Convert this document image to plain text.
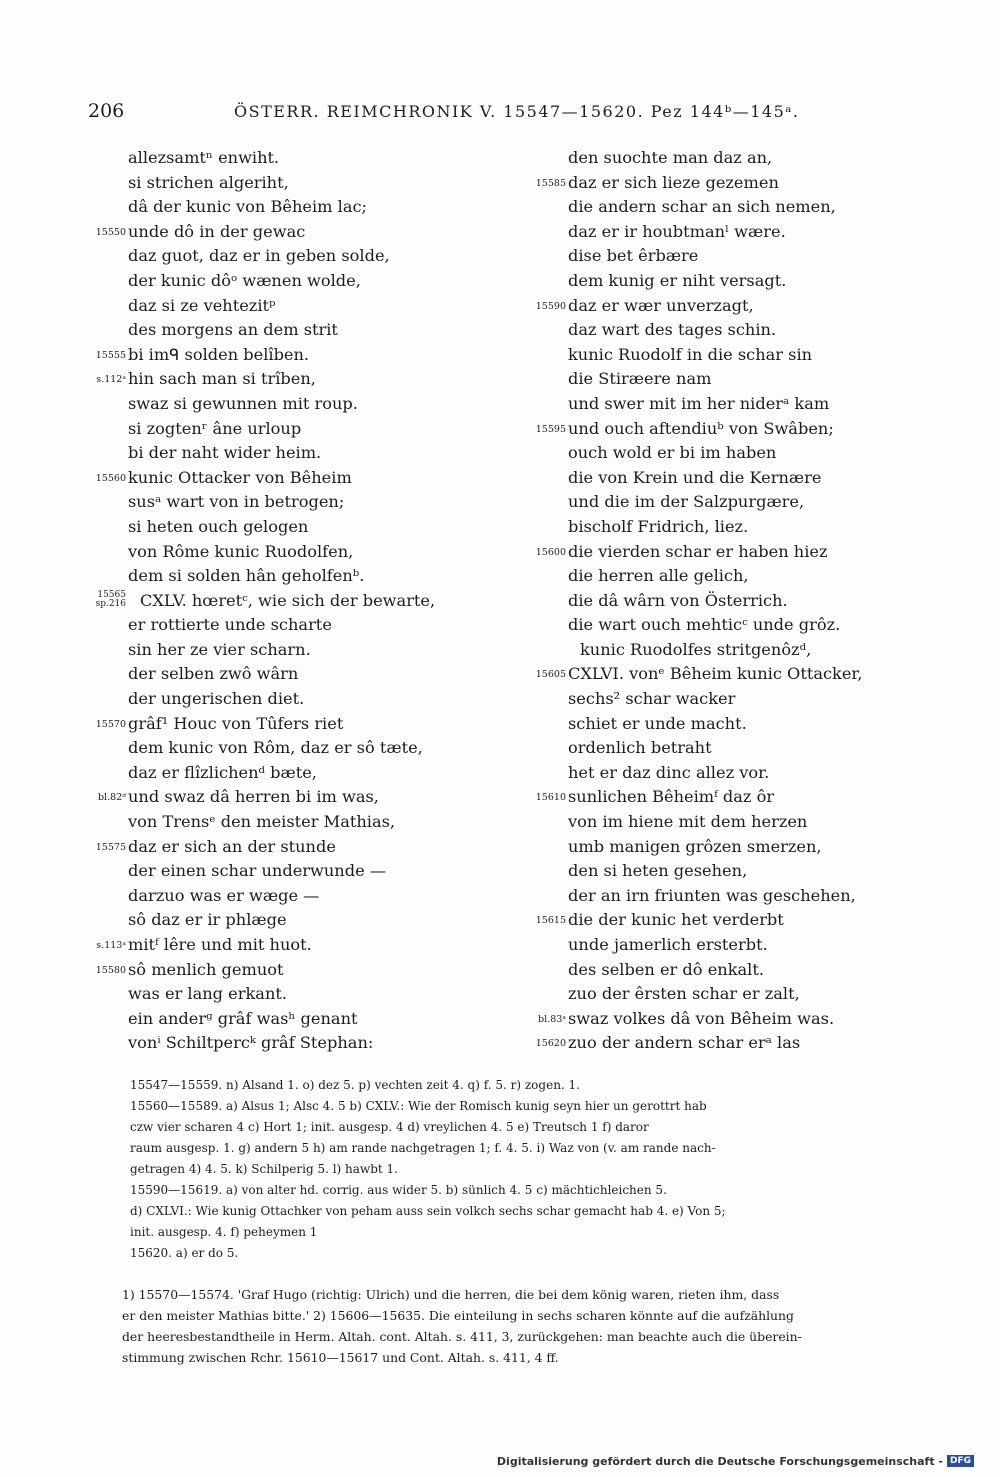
206	ÖSTERR. REIMCHRONIK V. 15547—15620. Pez 144ᵇ—145ᵃ.
allezsamtⁿ enwiht.
si strichen algeriht,
dâ der kunic von Bêheim lac;
15550 unde dô in der gewac
daz guot, daz er in geben solde,
der kunic dôᵒ wænen wolde,
daz si ze vehtezitᵖ
des morgens an dem strit
15555 bi imᑫ solden belîben.
s.112ᵃ hin sach man si trîben,
swaz si gewunnen mit roup.
si zogtenʳ âne urloup
bi der naht wider heim.
15560 kunic Ottacker von Bêheim
susᵃ wart von in betrogen;
si heten ouch gelogen
von Rôme kunic Ruodolfen,
dem si solden hân geholfenᵇ.
15565
sp.216 CXLV. hœretᶜ, wie sich der bewarte,
er rottierte unde scharte
sin her ze vier scharn.
der selben zwô wârn
der ungerischen diet.
15570 grâf¹ Houc von Tûfers riet
dem kunic von Rôm, daz er sô tæte,
daz er flîzlichenᵈ bæte,
bl.82ᵈ und swaz dâ herren bi im was,
von Trensᵉ den meister Mathias,
15575 daz er sich an der stunde
der einen schar underwunde —
darzuo was er wæge —
sô daz er ir phlæge
s.113ᵃ mitᶠ lêre und mit huot.
15580 sô menlich gemuot
was er lang erkant.
ein anderᵍ grâf wasʰ genant
vonⁱ Schiltpercᵏ grâf Stephan:
den suochte man daz an,
15585 daz er sich lieze gezemen
die andern schar an sich nemen,
daz er ir houbtmanˡ wære.
dise bet êrbære
dem kunig er niht versagt.
15590 daz er wær unverzagt,
daz wart des tages schin.
kunic Ruodolf in die schar sin
die Stiræere nam
und swer mit im her niderᵃ kam
15595 und ouch aftendiuᵇ von Swâben;
ouch wold er bi im haben
die von Krein und die Kernære
und die im der Salzpurgære,
bischolf Fridrich, liez.
15600 die vierden schar er haben hiez
die herren alle gelich,
die dâ wârn von Österrich.
die wart ouch mehticᶜ unde grôz.
kunic Ruodolfes stritgenôzᵈ,
15605 CXLVI. vonᵉ Bêheim kunic Ottacker,
sechs² schar wacker
schiet er unde macht.
ordenlich betraht
het er daz dinc allez vor.
15610 sunlichen Bêheimᶠ daz ôr
von im hiene mit dem herzen
umb manigen grôzen smerzen,
den si heten gesehen,
der an irn friunten was geschehen,
15615 die der kunic het verderbt
unde jamerlich ersterbt.
des selben er dô enkalt.
zuo der êrsten schar er zalt,
bl.83ᵃ swaz volkes dâ von Bêheim was.
15620 zuo der andern schar erᵃ las

15547—15559. n) Alsand 1. o) dez 5. p) vechten zeit 4. q) f. 5. r) zogen. 1.

15560—15589. a) Alsus 1; Alsc 4. 5 b) CXLV.: Wie der Romisch kunig seyn hier un gerottrt hab

czw vier scharen 4 c) Hort 1; init. ausgesp. 4 d) vreylichen 4. 5 e) Treutsch 1 f) daror

raum ausgesp. 1. g) andern 5 h) am rande nachgetragen 1; f. 4. 5. i) Waz von (v. am rande nach-

getragen 4) 4. 5. k) Schilperig 5. l) hawbt 1.

15590—15619. a) von alter hd. corrig. aus wider 5. b) sünlich 4. 5 c) mächtichleichen 5.

d) CXLVI.: Wie kunig Ottachker von peham auss sein volkch sechs schar gemacht hab 4. e) Von 5;

init. ausgesp. 4. f) peheymen 1

15620. a) er do 5.

1) 15570—15574. 'Graf Hugo (richtig: Ulrich) und die herren, die bei dem könig waren, rieten ihm, dass

er den meister Mathias bitte.' 2) 15606—15635. Die einteilung in sechs scharen könnte auf die aufzählung

der heeresbestandtheile in Herm. Altah. cont. Altah. s. 411, 3, zurückgehen: man beachte auch die überein-

stimmung zwischen Rchr. 15610—15617 und Cont. Altah. s. 411, 4 ff.

Digitalisierung gefördert durch die Deutsche Forschungsgemeinschaft - DFG
